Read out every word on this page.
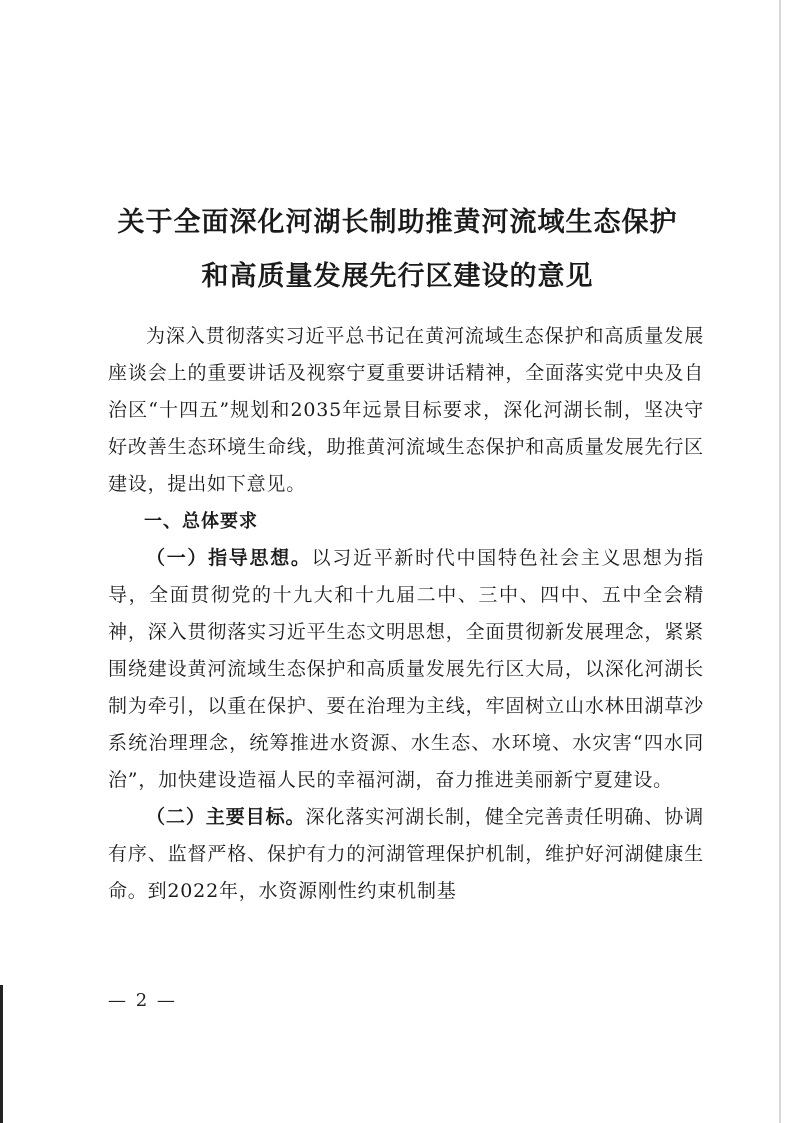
关于全面深化河湖长制助推黄河流域生态保护
和高质量发展先行区建设的意见

为深入贯彻落实习近平总书记在黄河流域生态保护和高质量发展座谈会上的重要讲话及视察宁夏重要讲话精神，全面落实党中央及自治区“十四五”规划和2035年远景目标要求，深化河湖长制，坚决守好改善生态环境生命线，助推黄河流域生态保护和高质量发展先行区建设，提出如下意见。

一、总体要求

（一）指导思想。以习近平新时代中国特色社会主义思想为指导，全面贯彻党的十九大和十九届二中、三中、四中、五中全会精神，深入贯彻落实习近平生态文明思想，全面贯彻新发展理念，紧紧围绕建设黄河流域生态保护和高质量发展先行区大局，以深化河湖长制为牵引，以重在保护、要在治理为主线，牢固树立山水林田湖草沙系统治理理念，统筹推进水资源、水生态、水环境、水灾害“四水同治”，加快建设造福人民的幸福河湖，奋力推进美丽新宁夏建设。

（二）主要目标。深化落实河湖长制，健全完善责任明确、协调有序、监督严格、保护有力的河湖管理保护机制，维护好河湖健康生命。到2022年，水资源刚性约束机制基

— 2 —
